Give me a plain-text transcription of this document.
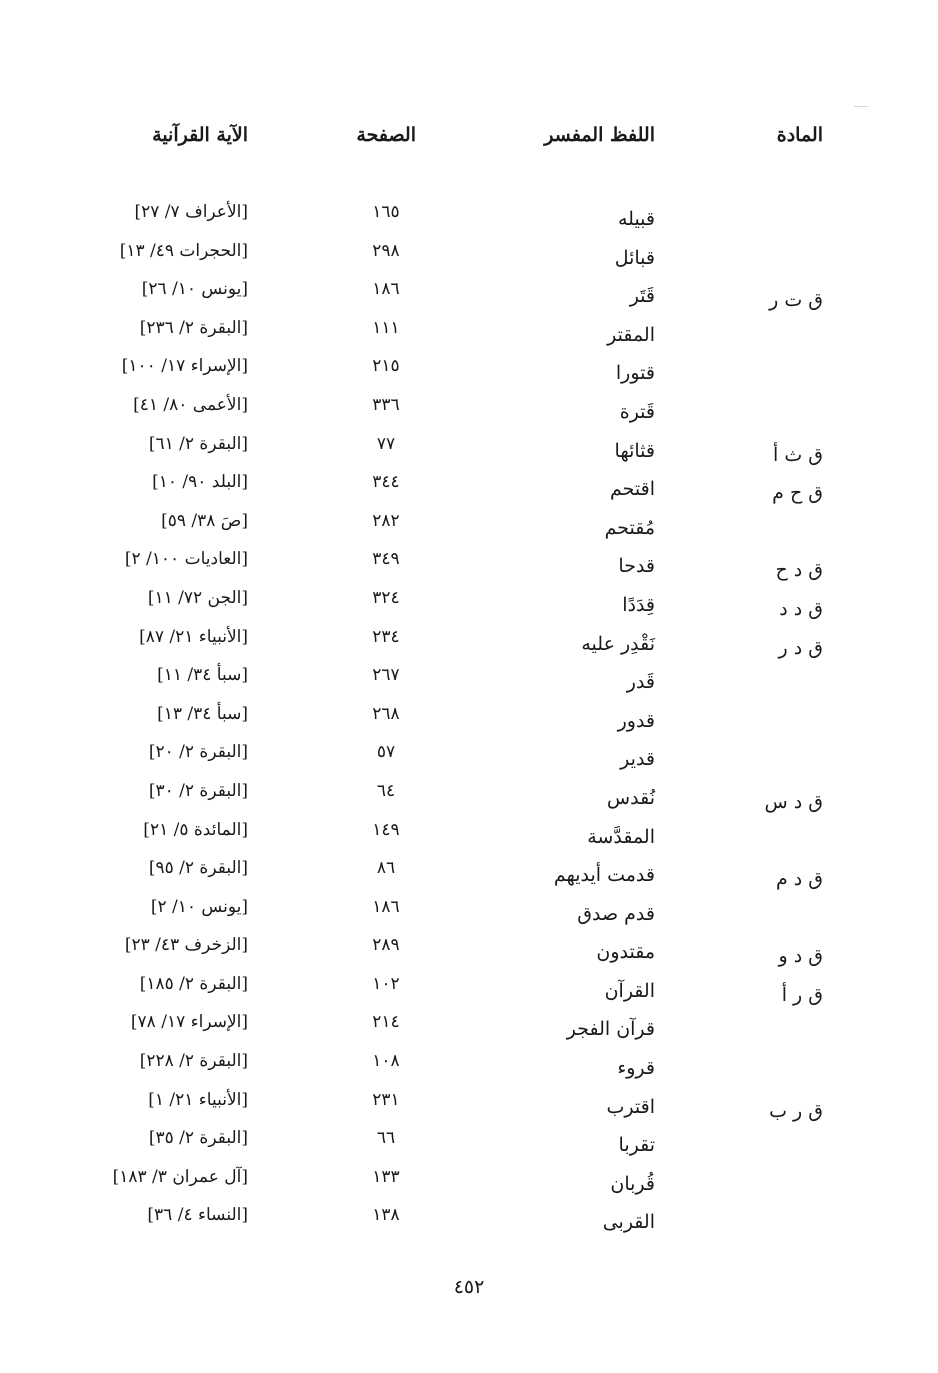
المادة
اللفظ المفسر
الصفحة
الآية القرآنية
قبيله
١٦٥
[الأعراف ٧/ ٢٧]
قبائل
٢٩٨
[الحجرات ٤٩/ ١٣]
ق ت ر
قَتَر
١٨٦
[يونس ١٠/ ٢٦]
المقتر
١١١
[البقرة ٢/ ٢٣٦]
قتورا
٢١٥
[الإسراء ١٧/ ١٠٠]
قَترة
٣٣٦
[الأعمى ٨٠/ ٤١]
ق ث أ
قثائها
٧٧
[البقرة ٢/ ٦١]
ق ح م
اقتحم
٣٤٤
[البلد ٩٠/ ١٠]
مُقتحم
٢٨٢
[صَ ٣٨/ ٥٩]
ق د ح
قدحا
٣٤٩
[العاديات ١٠٠/ ٢]
ق د د
قِدَدًا
٣٢٤
[الجن ٧٢/ ١١]
ق د ر
نَقْدِر عليه
٢٣٤
[الأنبياء ٢١/ ٨٧]
قَدر
٢٦٧
[سبأ ٣٤/ ١١]
قدور
٢٦٨
[سبأ ٣٤/ ١٣]
قدير
٥٧
[البقرة ٢/ ٢٠]
ق د س
نُقدس
٦٤
[البقرة ٢/ ٣٠]
المقدَّسة
١٤٩
[المائدة ٥/ ٢١]
ق د م
قدمت أيديهم
٨٦
[البقرة ٢/ ٩٥]
قدم صدق
١٨٦
[يونس ١٠/ ٢]
ق د و
مقتدون
٢٨٩
[الزخرف ٤٣/ ٢٣]
ق ر أ
القرآن
١٠٢
[البقرة ٢/ ١٨٥]
قرآن الفجر
٢١٤
[الإسراء ١٧/ ٧٨]
قروء
١٠٨
[البقرة ٢/ ٢٢٨]
ق ر ب
اقترب
٢٣١
[الأنبياء ٢١/ ١]
تقربا
٦٦
[البقرة ٢/ ٣٥]
قُربان
١٣٣
[آل عمران ٣/ ١٨٣]
القربى
١٣٨
[النساء ٤/ ٣٦]
٤٥٢
